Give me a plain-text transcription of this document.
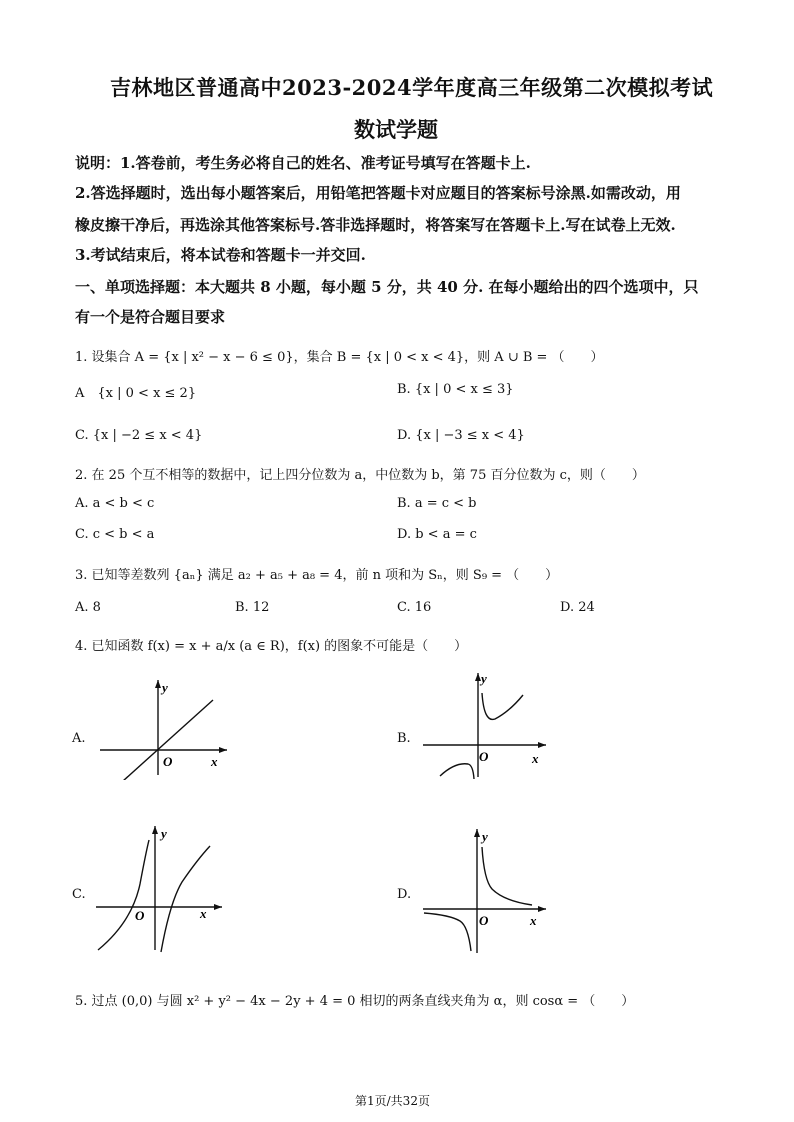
吉林地区普通高中2023-2024学年度高三年级第二次模拟考试
数试学题
说明：1.答卷前，考生务必将自己的姓名、准考证号填写在答题卡上.
2.答选择题时，选出每小题答案后，用铅笔把答题卡对应题目的答案标号涂黑.如需改动，用
橡皮擦干净后，再选涂其他答案标号.答非选择题时，将答案写在答题卡上.写在试卷上无效.
3.考试结束后，将本试卷和答题卡一并交回.
一、单项选择题：本大题共 8 小题，每小题 5 分，共 40 分. 在每小题给出的四个选项中，只
有一个是符合题目要求
1. 设集合 A = {x | x² − x − 6 ≤ 0}，集合 B = {x | 0 < x < 4}，则 A ∪ B = （　　）
A　{x | 0 < x ≤ 2}	B. {x | 0 < x ≤ 3}
C. {x | −2 ≤ x < 4}	D. {x | −3 ≤ x < 4}
2. 在 25 个互不相等的数据中，记上四分位数为 a，中位数为 b，第 75 百分位数为 c，则（　　）
A. a < b < c	B. a = c < b
C. c < b < a	D. b < a = c
3. 已知等差数列 {aₙ} 满足 a₂ + a₅ + a₈ = 4，前 n 项和为 Sₙ，则 S₉ = （　　）
A. 8	B. 12	C. 16	D. 24
4. 已知函数 f(x) = x + a/x (a ∈ R)，f(x) 的图象不可能是（　　）
A.
y
O	x
B.
y
O	x
C.
y
O	x
D.
y
O	x
5. 过点 (0,0) 与圆 x² + y² − 4x − 2y + 4 = 0 相切的两条直线夹角为 α，则 cosα = （　　）
第1页/共32页
